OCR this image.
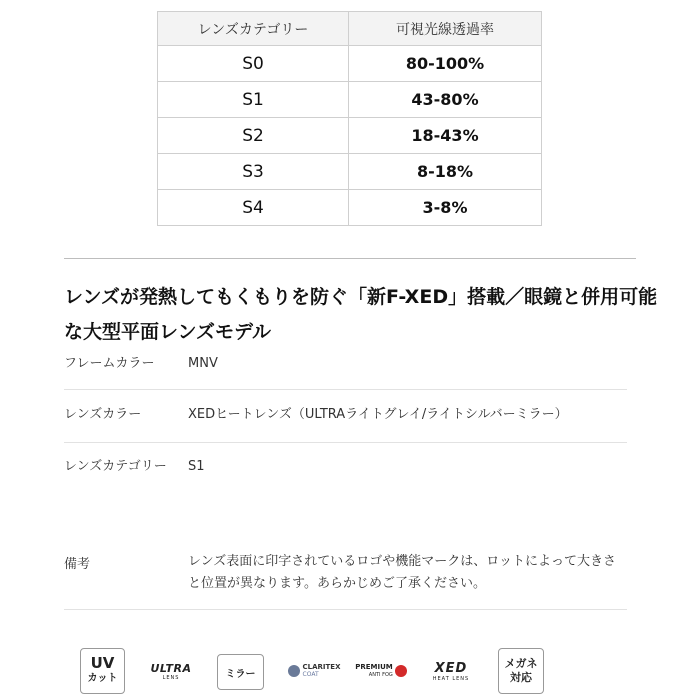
レンズカテゴリー	可視光線透過率
S0	80-100%
S1	43-80%
S2	18-43%
S3	8-18%
S4	3-8%
レンズが発熱してもくもりを防ぐ「新F-XED」搭載／眼鏡と併用可能な大型平面レンズモデル
フレームカラー	MNV
レンズカラー	XEDヒートレンズ（ULTRAライトグレイ/ライトシルバーミラー）
レンズカテゴリー S1
備考	レンズ表面に印字されているロゴや機能マークは、ロットによって大きさと位置が異なります。あらかじめご了承ください。
UV
カット
ULTRA
LENS	ミラー
CLARITEX
COAT
PREMIUM
ANTI FOG	XED
HEAT LENS
メガネ
対応
